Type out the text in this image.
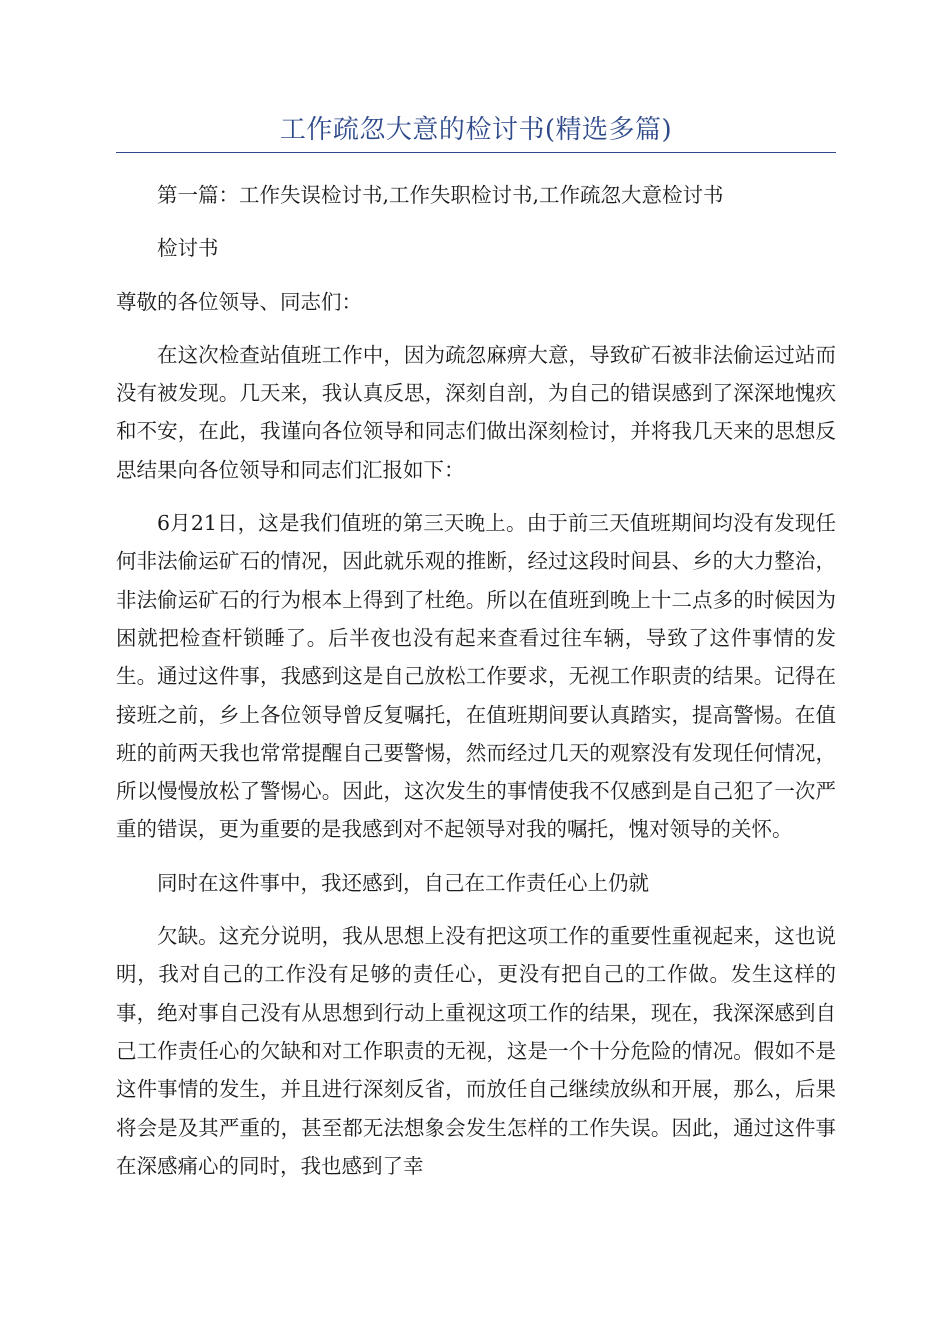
工作疏忽大意的检讨书(精选多篇)

第一篇：工作失误检讨书,工作失职检讨书,工作疏忽大意检讨书

检讨书

尊敬的各位领导、同志们：

在这次检查站值班工作中，因为疏忽麻痹大意，导致矿石被非法偷运过站而没有被发现。几天来，我认真反思，深刻自剖，为自己的错误感到了深深地愧疚和不安，在此，我谨向各位领导和同志们做出深刻检讨，并将我几天来的思想反思结果向各位领导和同志们汇报如下：

6月21日，这是我们值班的第三天晚上。由于前三天值班期间均没有发现任何非法偷运矿石的情况，因此就乐观的推断，经过这段时间县、乡的大力整治，非法偷运矿石的行为根本上得到了杜绝。所以在值班到晚上十二点多的时候因为困就把检查杆锁睡了。后半夜也没有起来查看过往车辆，导致了这件事情的发生。通过这件事，我感到这是自己放松工作要求，无视工作职责的结果。记得在接班之前，乡上各位领导曾反复嘱托，在值班期间要认真踏实，提高警惕。在值班的前两天我也常常提醒自己要警惕，然而经过几天的观察没有发现任何情况，所以慢慢放松了警惕心。因此，这次发生的事情使我不仅感到是自己犯了一次严重的错误，更为重要的是我感到对不起领导对我的嘱托，愧对领导的关怀。

同时在这件事中，我还感到，自己在工作责任心上仍就

欠缺。这充分说明，我从思想上没有把这项工作的重要性重视起来，这也说明，我对自己的工作没有足够的责任心，更没有把自己的工作做。发生这样的事，绝对事自己没有从思想到行动上重视这项工作的结果，现在，我深深感到自己工作责任心的欠缺和对工作职责的无视，这是一个十分危险的情况。假如不是这件事情的发生，并且进行深刻反省，而放任自己继续放纵和开展，那么，后果将会是及其严重的，甚至都无法想象会发生怎样的工作失误。因此，通过这件事在深感痛心的同时，我也感到了幸
